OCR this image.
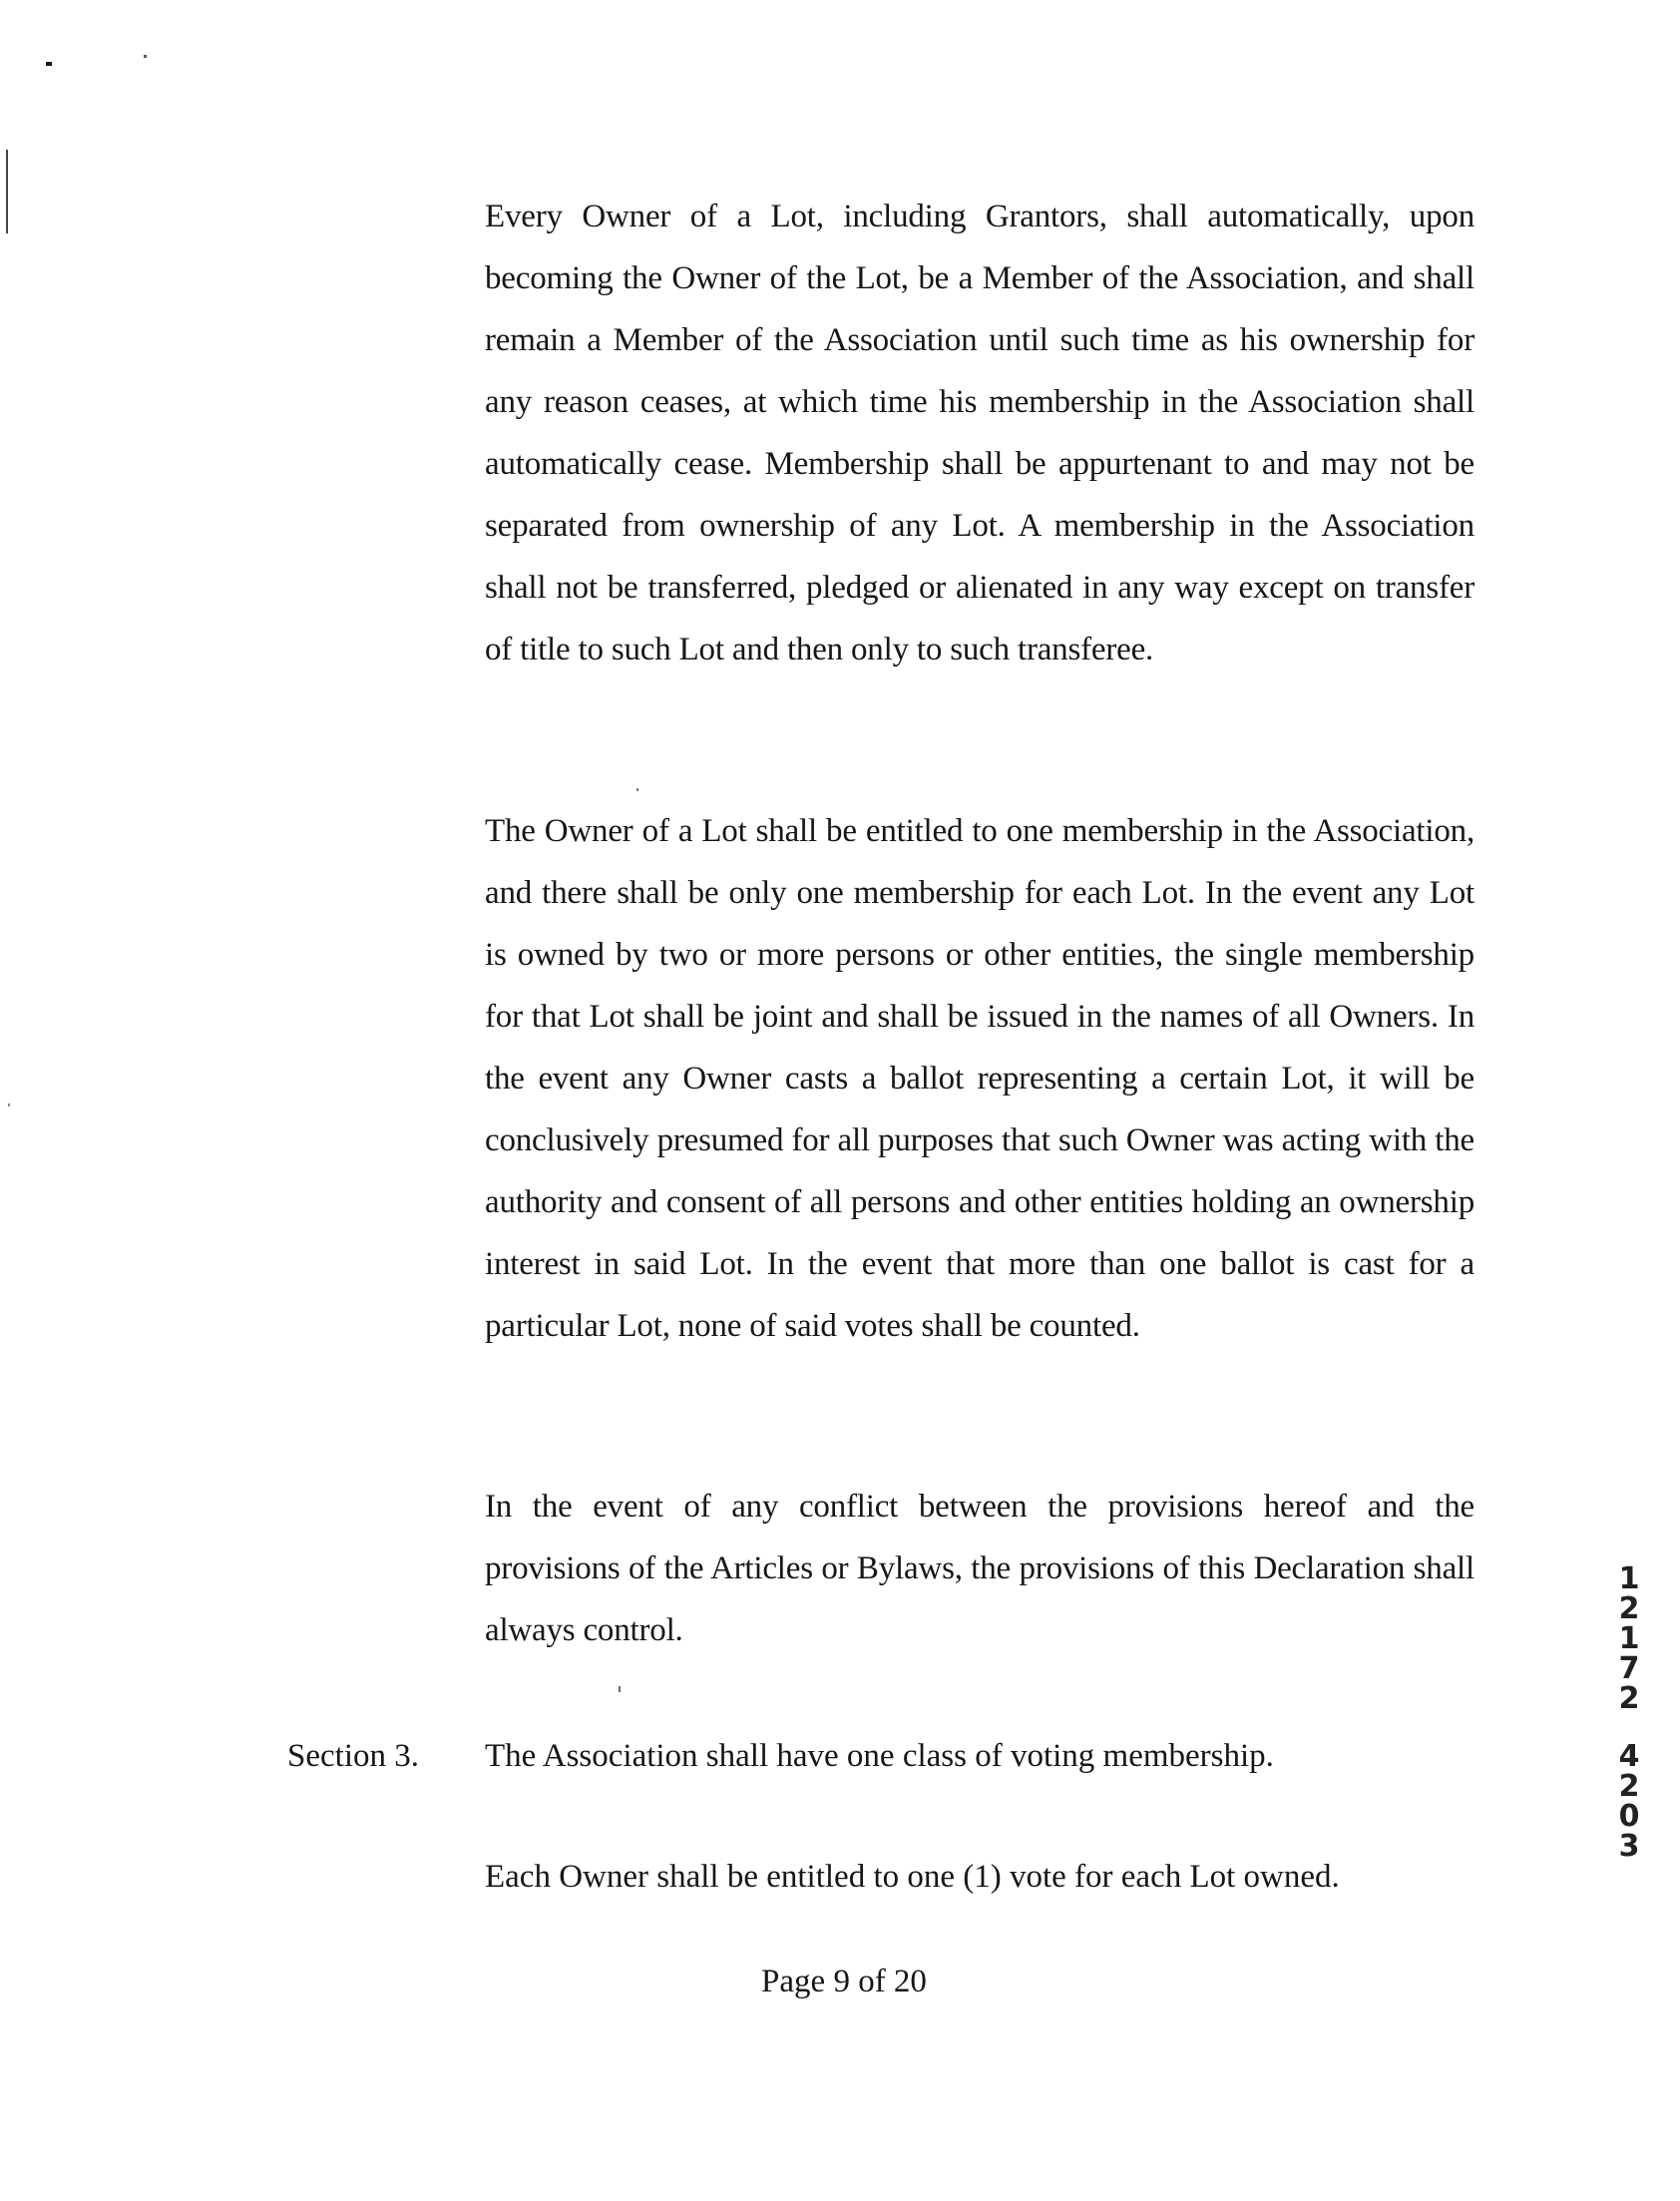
Every Owner of a Lot, including Grantors, shall automatically, upon becoming the Owner of the Lot, be a Member of the Association, and shall remain a Member of the Association until such time as his ownership for any reason ceases, at which time his membership in the Association shall automatically cease. Membership shall be appurtenant to and may not be separated from ownership of any Lot. A membership in the Association shall not be transferred, pledged or alienated in any way except on transfer of title to such Lot and then only to such transferee.

The Owner of a Lot shall be entitled to one membership in the Association, and there shall be only one membership for each Lot. In the event any Lot is owned by two or more persons or other entities, the single membership for that Lot shall be joint and shall be issued in the names of all Owners. In the event any Owner casts a ballot representing a certain Lot, it will be conclusively presumed for all purposes that such Owner was acting with the authority and consent of all persons and other entities holding an ownership interest in said Lot. In the event that more than one ballot is cast for a particular Lot, none of said votes shall be counted.

In the event of any conflict between the provisions hereof and the provisions of the Articles or Bylaws, the provisions of this Declaration shall always control.

Section 3. The Association shall have one class of voting membership.
Each Owner shall be entitled to one (1) vote for each Lot owned.
Page 9 of 20
1
2
1
7
2
4
2
0
3
